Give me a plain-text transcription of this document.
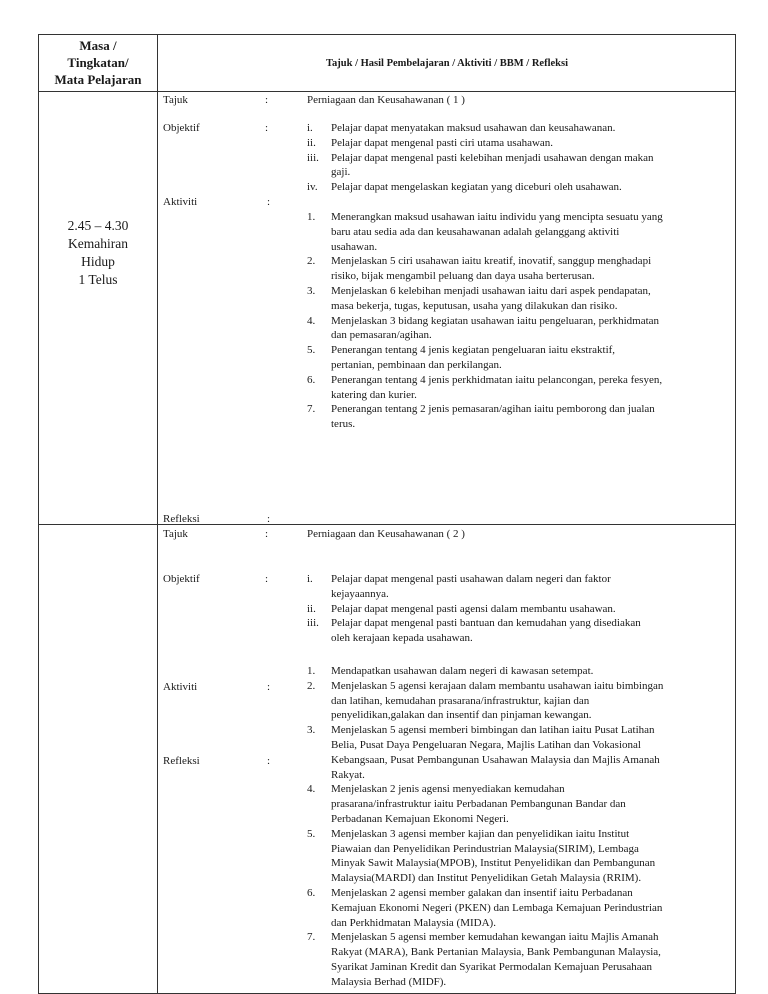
Masa /
Tingkatan/
Mata Pelajaran
Tajuk / Hasil Pembelajaran / Aktiviti / BBM / Refleksi
2.45 – 4.30
Kemahiran
Hidup
1 Telus
Tajuk	:	Perniagaan dan Keusahawanan ( 1 )
Objektif	:	i. Pelajar dapat menyatakan maksud usahawan dan keusahawanan.
ii. Pelajar dapat mengenal pasti ciri utama usahawan.
iii. Pelajar dapat mengenal pasti kelebihan menjadi usahawan dengan makan
gaji.
iv. Pelajar dapat mengelaskan kegiatan yang diceburi oleh usahawan.
Aktiviti	:
1. Menerangkan maksud usahawan iaitu individu yang mencipta sesuatu yang
baru atau sedia ada dan keusahawanan adalah gelanggang aktiviti
usahawan.
2. Menjelaskan 5 ciri usahawan iaitu kreatif, inovatif, sanggup menghadapi
risiko, bijak mengambil peluang dan daya usaha berterusan.
3. Menjelaskan 6 kelebihan menjadi usahawan iaitu dari aspek pendapatan,
masa bekerja, tugas, keputusan, usaha yang dilakukan dan risiko.
4. Menjelaskan 3 bidang kegiatan usahawan iaitu pengeluaran, perkhidmatan
dan pemasaran/agihan.
5. Penerangan tentang 4 jenis kegiatan pengeluaran iaitu ekstraktif,
pertanian, pembinaan dan perkilangan.
6. Penerangan tentang 4 jenis perkhidmatan iaitu pelancongan, pereka fesyen,
katering dan kurier.
7. Penerangan tentang 2 jenis pemasaran/agihan iaitu pemborong dan jualan
terus.
Refleksi	:
Tajuk	:	Perniagaan dan Keusahawanan ( 2 )
Objektif	:	i. Pelajar dapat mengenal pasti usahawan dalam negeri dan faktor
kejayaannya.
ii. Pelajar dapat mengenal pasti agensi dalam membantu usahawan.
iii. Pelajar dapat mengenal pasti bantuan dan kemudahan yang disediakan
oleh kerajaan kepada usahawan.
Aktiviti	:
1. Mendapatkan usahawan dalam negeri di kawasan setempat.
2. Menjelaskan 5 agensi kerajaan dalam membantu usahawan iaitu bimbingan
dan latihan, kemudahan prasarana/infrastruktur, kajian dan
penyelidikan,galakan dan insentif dan pinjaman kewangan.
3. Menjelaskan 5 agensi memberi bimbingan dan latihan iaitu Pusat Latihan
Belia, Pusat Daya Pengeluaran Negara, Majlis Latihan dan Vokasional
Kebangsaan, Pusat Pembangunan Usahawan Malaysia dan Majlis Amanah
Rakyat.
4. Menjelaskan 2 jenis agensi menyediakan kemudahan
prasarana/infrastruktur iaitu Perbadanan Pembangunan Bandar dan
Perbadanan Kemajuan Ekonomi Negeri.
5. Menjelaskan 3 agensi member kajian dan penyelidikan iaitu Institut
Piawaian dan Penyelidikan Perindustrian Malaysia(SIRIM), Lembaga
Minyak Sawit Malaysia(MPOB), Institut Penyelidikan dan Pembangunan
Malaysia(MARDI) dan Institut Penyelidikan Getah Malaysia (RRIM).
6. Menjelaskan 2 agensi member galakan dan insentif iaitu Perbadanan
Kemajuan Ekonomi Negeri (PKEN) dan Lembaga Kemajuan Perindustrian
dan Perkhidmatan Malaysia (MIDA).
7. Menjelaskan 5 agensi member kemudahan kewangan iaitu Majlis Amanah
Rakyat (MARA), Bank Pertanian Malaysia, Bank Pembangunan Malaysia,
Syarikat Jaminan Kredit dan Syarikat Permodalan Kemajuan Perusahaan
Malaysia Berhad (MIDF).
Refleksi	:
